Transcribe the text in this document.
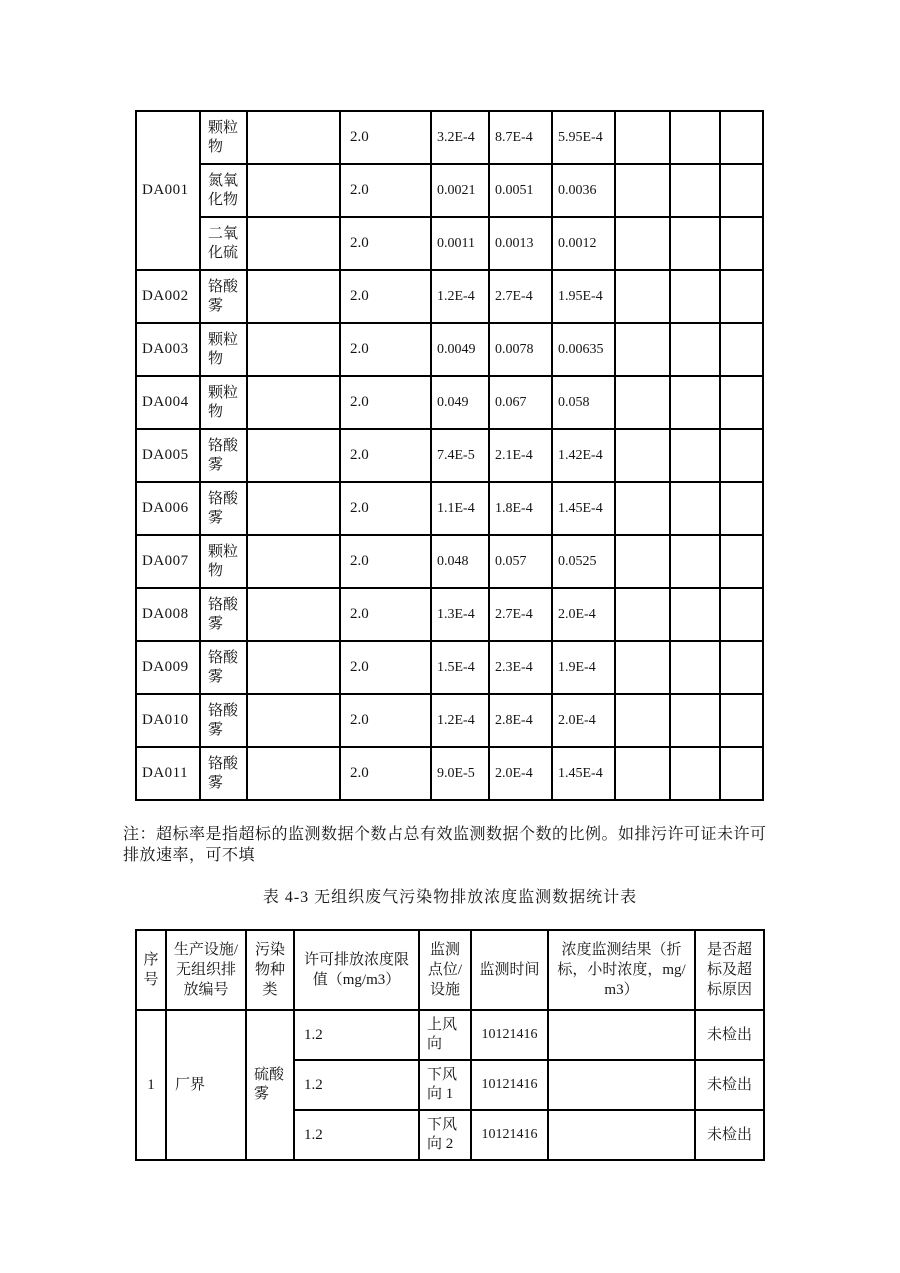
DA001	颗粒物		2.0	3.2E-4	8.7E-4	5.95E-4			
	氮氧化物		2.0	0.0021	0.0051	0.0036			
	二氧化硫		2.0	0.0011	0.0013	0.0012			
DA002	铬酸雾		2.0	1.2E-4	2.7E-4	1.95E-4			
DA003	颗粒物		2.0	0.0049	0.0078	0.00635			
DA004	颗粒物		2.0	0.049	0.067	0.058			
DA005	铬酸雾		2.0	7.4E-5	2.1E-4	1.42E-4			
DA006	铬酸雾		2.0	1.1E-4	1.8E-4	1.45E-4			
DA007	颗粒物		2.0	0.048	0.057	0.0525			
DA008	铬酸雾		2.0	1.3E-4	2.7E-4	2.0E-4			
DA009	铬酸雾		2.0	1.5E-4	2.3E-4	1.9E-4			
DA010	铬酸雾		2.0	1.2E-4	2.8E-4	2.0E-4			
DA011	铬酸雾		2.0	9.0E-5	2.0E-4	1.45E-4			
注：超标率是指超标的监测数据个数占总有效监测数据个数的比例。如排污许可证未许可
排放速率，可不填
表 4-3 无组织废气污染物排放浓度监测数据统计表
序号	生产设施/无组织排放编号	污染物种类	许可排放浓度限值（mg/m3）	监测点位/设施	监测时间	浓度监测结果（折标，小时浓度，mg/m3）	是否超标及超标原因
1	厂界	硫酸雾	1.2	上风向	10121416		未检出
			1.2	下风向 1	10121416		未检出
			1.2	下风向 2	10121416		未检出
